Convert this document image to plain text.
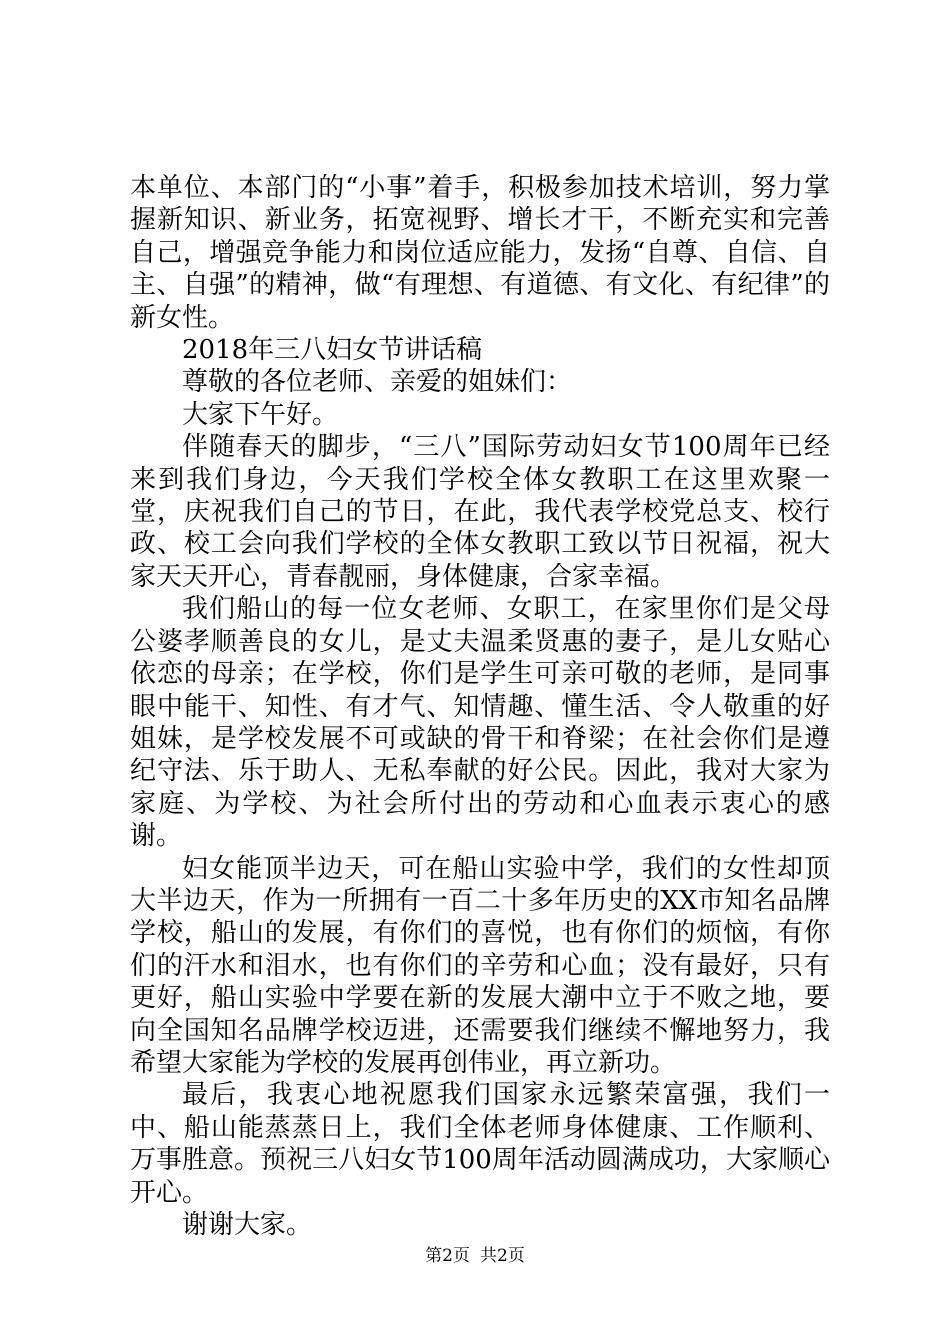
本单位、本部门的“小事”着手，积极参加技术培训，努力掌握新知识、新业务，拓宽视野、增长才干，不断充实和完善自己，增强竞争能力和岗位适应能力，发扬“自尊、自信、自主、自强”的精神，做“有理想、有道德、有文化、有纪律”的新女性。

2018年三八妇女节讲话稿

尊敬的各位老师、亲爱的姐妹们：

大家下午好。

伴随春天的脚步，“三八”国际劳动妇女节100周年已经来到我们身边，今天我们学校全体女教职工在这里欢聚一堂，庆祝我们自己的节日，在此，我代表学校党总支、校行政、校工会向我们学校的全体女教职工致以节日祝福，祝大家天天开心，青春靓丽，身体健康，合家幸福。

我们船山的每一位女老师、女职工，在家里你们是父母公婆孝顺善良的女儿，是丈夫温柔贤惠的妻子，是儿女贴心依恋的母亲；在学校，你们是学生可亲可敬的老师，是同事眼中能干、知性、有才气、知情趣、懂生活、令人敬重的好姐妹，是学校发展不可或缺的骨干和脊梁；在社会你们是遵纪守法、乐于助人、无私奉献的好公民。因此，我对大家为家庭、为学校、为社会所付出的劳动和心血表示衷心的感谢。

妇女能顶半边天，可在船山实验中学，我们的女性却顶大半边天，作为一所拥有一百二十多年历史的XX市知名品牌学校，船山的发展，有你们的喜悦，也有你们的烦恼，有你们的汗水和泪水，也有你们的辛劳和心血；没有最好，只有更好，船山实验中学要在新的发展大潮中立于不败之地，要向全国知名品牌学校迈进，还需要我们继续不懈地努力，我希望大家能为学校的发展再创伟业，再立新功。

最后，我衷心地祝愿我们国家永远繁荣富强，我们一中、船山能蒸蒸日上，我们全体老师身体健康、工作顺利、万事胜意。预祝三八妇女节100周年活动圆满成功，大家顺心开心。

谢谢大家。

第2页 共2页
